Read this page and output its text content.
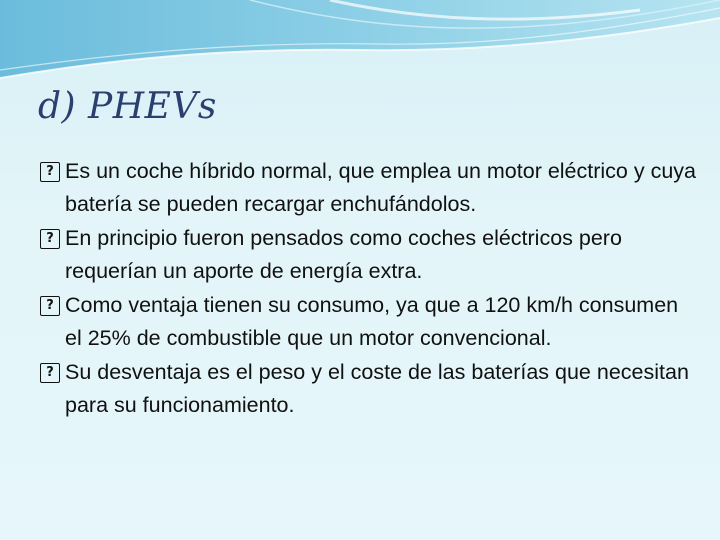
d) PHEVs
? Es un coche híbrido normal, que emplea un motor eléctrico y cuya batería se pueden recargar enchufándolos.
? En principio fueron pensados como coches eléctricos pero requerían un aporte de energía extra.
? Como ventaja tienen su consumo, ya que a 120 km/h consumen el 25% de combustible que un motor convencional.
? Su desventaja es el peso y el coste de las baterías que necesitan para su funcionamiento.
